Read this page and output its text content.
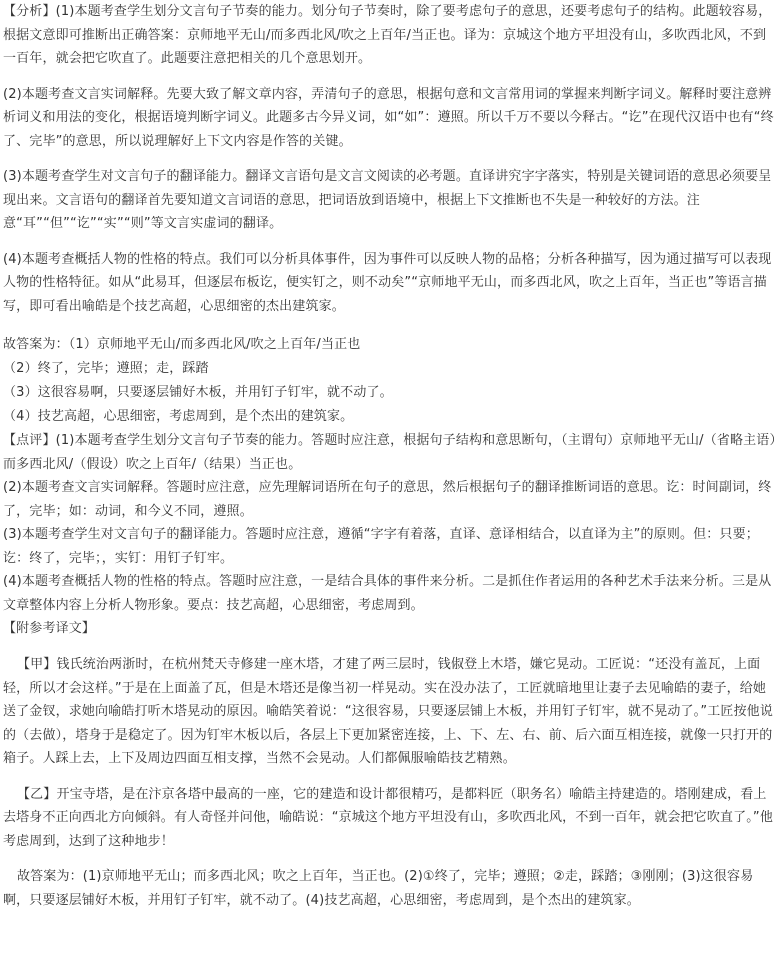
【分析】(1)本题考查学生划分文言句子节奏的能力。划分句子节奏时，除了要考虑句子的意思，还要考虑句子的结构。此题较容易，根据文意即可推断出正确答案：京师地平无山/而多西北风/吹之上百年/当正也。译为：京城这个地方平坦没有山，多吹西北风，不到一百年，就会把它吹直了。此题要注意把相关的几个意思划开。

(2)本题考查文言实词解释。先要大致了解文章内容，弄清句子的意思，根据句意和文言常用词的掌握来判断字词义。解释时要注意辨析词义和用法的变化，根据语境判断字词义。此题多古今异义词，如“如”：遵照。所以千万不要以今释古。“讫”在现代汉语中也有“终了、完毕”的意思，所以说理解好上下文内容是作答的关键。

(3)本题考查学生对文言句子的翻译能力。翻译文言语句是文言文阅读的必考题。直译讲究字字落实，特别是关键词语的意思必须要呈现出来。文言语句的翻译首先要知道文言词语的意思，把词语放到语境中，根据上下文推断也不失是一种较好的方法。注意“耳”“但”“讫”“实”“则”等文言实虚词的翻译。

(4)本题考查概括人物的性格的特点。我们可以分析具体事件，因为事件可以反映人物的品格；分析各种描写，因为通过描写可以表现人物的性格特征。如从“此易耳，但逐层布板讫，便实钉之，则不动矣”“京师地平无山，而多西北风，吹之上百年，当正也”等语言描写，即可看出喻皓是个技艺高超，心思细密的杰出建筑家。

故答案为：（1）京师地平无山/而多西北风/吹之上百年/当正也

（2）终了，完毕；遵照；走，踩踏

（3）这很容易啊，只要逐层铺好木板，并用钉子钉牢，就不动了。

（4）技艺高超，心思细密，考虑周到，是个杰出的建筑家。

【点评】(1)本题考查学生划分文言句子节奏的能力。答题时应注意，根据句子结构和意思断句，（主谓句）京师地平无山/（省略主语）而多西北风/（假设）吹之上百年/（结果）当正也。

(2)本题考查文言实词解释。答题时应注意，应先理解词语所在句子的意思，然后根据句子的翻译推断词语的意思。讫：时间副词，终了，完毕；如：动词，和今义不同，遵照。

(3)本题考查学生对文言句子的翻译能力。答题时应注意，遵循“字字有着落，直译、意译相结合，以直译为主”的原则。但：只要；讫：终了，完毕；，实钉：用钉子钉牢。

(4)本题考查概括人物的性格的特点。答题时应注意，一是结合具体的事件来分析。二是抓住作者运用的各种艺术手法来分析。三是从文章整体内容上分析人物形象。要点：技艺高超，心思细密，考虑周到。

【附参考译文】

【甲】钱氏统治两浙时，在杭州梵天寺修建一座木塔，才建了两三层时，钱俶登上木塔，嫌它晃动。工匠说：“还没有盖瓦，上面轻，所以才会这样。”于是在上面盖了瓦，但是木塔还是像当初一样晃动。实在没办法了，工匠就暗地里让妻子去见喻皓的妻子，给她送了金钗，求她向喻皓打听木塔晃动的原因。喻皓笑着说：“这很容易，只要逐层铺上木板，并用钉子钉牢，就不晃动了。”工匠按他说的（去做），塔身于是稳定了。因为钉牢木板以后，各层上下更加紧密连接，上、下、左、右、前、后六面互相连接，就像一只打开的箱子。人踩上去，上下及周边四面互相支撑，当然不会晃动。人们都佩服喻皓技艺精熟。

【乙】开宝寺塔，是在汴京各塔中最高的一座，它的建造和设计都很精巧，是都料匠（职务名）喻皓主持建造的。塔刚建成，看上去塔身不正向西北方向倾斜。有人奇怪并问他，喻皓说：“京城这个地方平坦没有山，多吹西北风，不到一百年，就会把它吹直了。”他考虑周到，达到了这种地步！

故答案为：(1)京师地平无山；而多西北风；吹之上百年，当正也。(2)①终了，完毕；遵照；②走，踩踏；③刚刚；(3)这很容易啊，只要逐层铺好木板，并用钉子钉牢，就不动了。(4)技艺高超，心思细密，考虑周到，是个杰出的建筑家。
